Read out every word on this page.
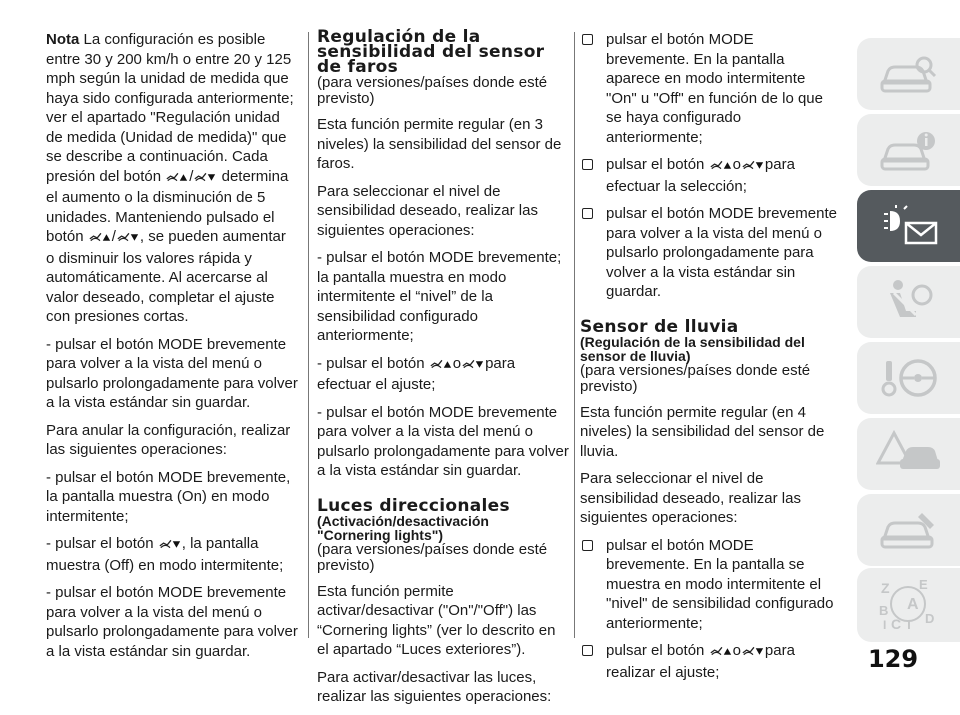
Nota La configuración es posible entre 30 y 200 km/h o entre 20 y 125 mph según la unidad de medida que haya sido configurada anteriormente; ver el apartado "Regulación unidad de medida (Unidad de medida)" que se describe a continuación. Cada presión del botón / determina el aumento o la disminución de 5 unidades. Manteniendo pulsado el botón / , se pueden aumentar o disminuir los valores rápida y automáticamente. Al acercarse al valor deseado, completar el ajuste con presiones cortas.

- pulsar el botón MODE brevemente para volver a la vista del menú o pulsarlo prolongadamente para volver a la vista estándar sin guardar.

Para anular la configuración, realizar las siguientes operaciones:

- pulsar el botón MODE brevemente, la pantalla muestra (On) en modo intermitente;

- pulsar el botón , la pantalla muestra (Off) en modo intermitente;

- pulsar el botón MODE brevemente para volver a la vista del menú o pulsarlo prolongadamente para volver a la vista estándar sin guardar.

Regulación de la
sensibilidad del sensor
de faros

(para versiones/países donde esté previsto)

Esta función permite regular (en 3 niveles) la sensibilidad del sensor de faros.

Para seleccionar el nivel de sensibilidad deseado, realizar las siguientes operaciones:

- pulsar el botón MODE brevemente; la pantalla muestra en modo intermitente el “nivel” de la sensibilidad configurado anteriormente;

- pulsar el botón o para efectuar el ajuste;

- pulsar el botón MODE brevemente para volver a la vista del menú o pulsarlo prolongadamente para volver a la vista estándar sin guardar.

Luces direccionales
(Activación/desactivación
"Cornering lights")

(para versiones/países donde esté previsto)

Esta función permite activar/desactivar ("On"/"Off") las “Cornering lights” (ver lo descrito en el apartado “Luces exteriores”).

Para activar/desactivar las luces, realizar las siguientes operaciones:

pulsar el botón MODE brevemente. En la pantalla aparece en modo intermitente "On" u "Off" en función de lo que se haya configurado anteriormente;
pulsar el botón o para efectuar la selección;
pulsar el botón MODE brevemente para volver a la vista del menú o pulsarlo prolongadamente para volver a la vista estándar sin guardar.
Sensor de lluvia
(Regulación de la sensibilidad del
sensor de lluvia)

(para versiones/países donde esté previsto)

Esta función permite regular (en 4 niveles) la sensibilidad del sensor de lluvia.

Para seleccionar el nivel de sensibilidad deseado, realizar las siguientes operaciones:

pulsar el botón MODE brevemente. En la pantalla se muestra en modo intermitente el "nivel" de sensibilidad configurado anteriormente;
pulsar el botón o para realizar el ajuste;
Z E
A
B
C D
T
I
129
